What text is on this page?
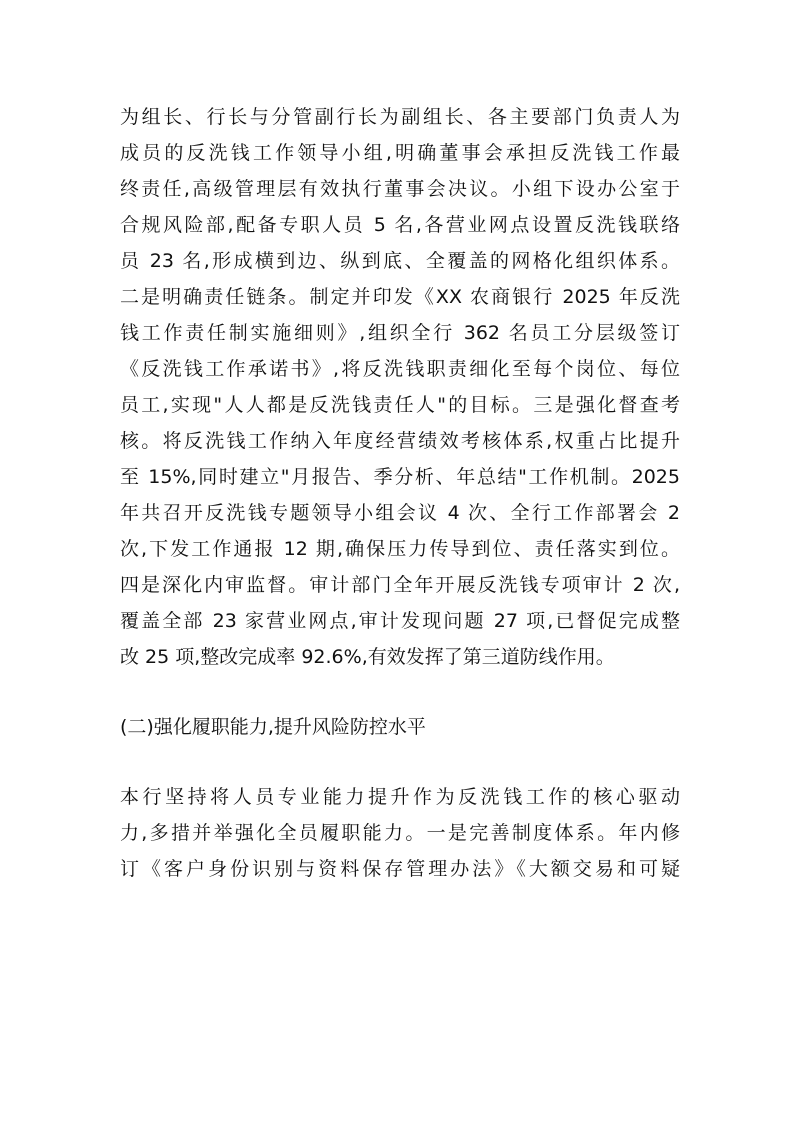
为组长、行长与分管副行长为副组长、各主要部门负责人为
成员的反洗钱工作领导小组,明确董事会承担反洗钱工作最
终责任,高级管理层有效执行董事会决议。小组下设办公室于
合规风险部,配备专职人员 5 名,各营业网点设置反洗钱联络
员 23 名,形成横到边、纵到底、全覆盖的网格化组织体系。
二是明确责任链条。制定并印发《XX 农商银行 2025 年反洗
钱工作责任制实施细则》,组织全行 362 名员工分层级签订
《反洗钱工作承诺书》,将反洗钱职责细化至每个岗位、每位
员工,实现"人人都是反洗钱责任人"的目标。三是强化督查考
核。将反洗钱工作纳入年度经营绩效考核体系,权重占比提升
至 15%,同时建立"月报告、季分析、年总结"工作机制。2025
年共召开反洗钱专题领导小组会议 4 次、全行工作部署会 2
次,下发工作通报 12 期,确保压力传导到位、责任落实到位。
四是深化内审监督。审计部门全年开展反洗钱专项审计 2 次,
覆盖全部 23 家营业网点,审计发现问题 27 项,已督促完成整
改 25 项,整改完成率 92.6%,有效发挥了第三道防线作用。
(二)强化履职能力,提升风险防控水平
本行坚持将人员专业能力提升作为反洗钱工作的核心驱动
力,多措并举强化全员履职能力。一是完善制度体系。年内修
订《客户身份识别与资料保存管理办法》《大额交易和可疑
